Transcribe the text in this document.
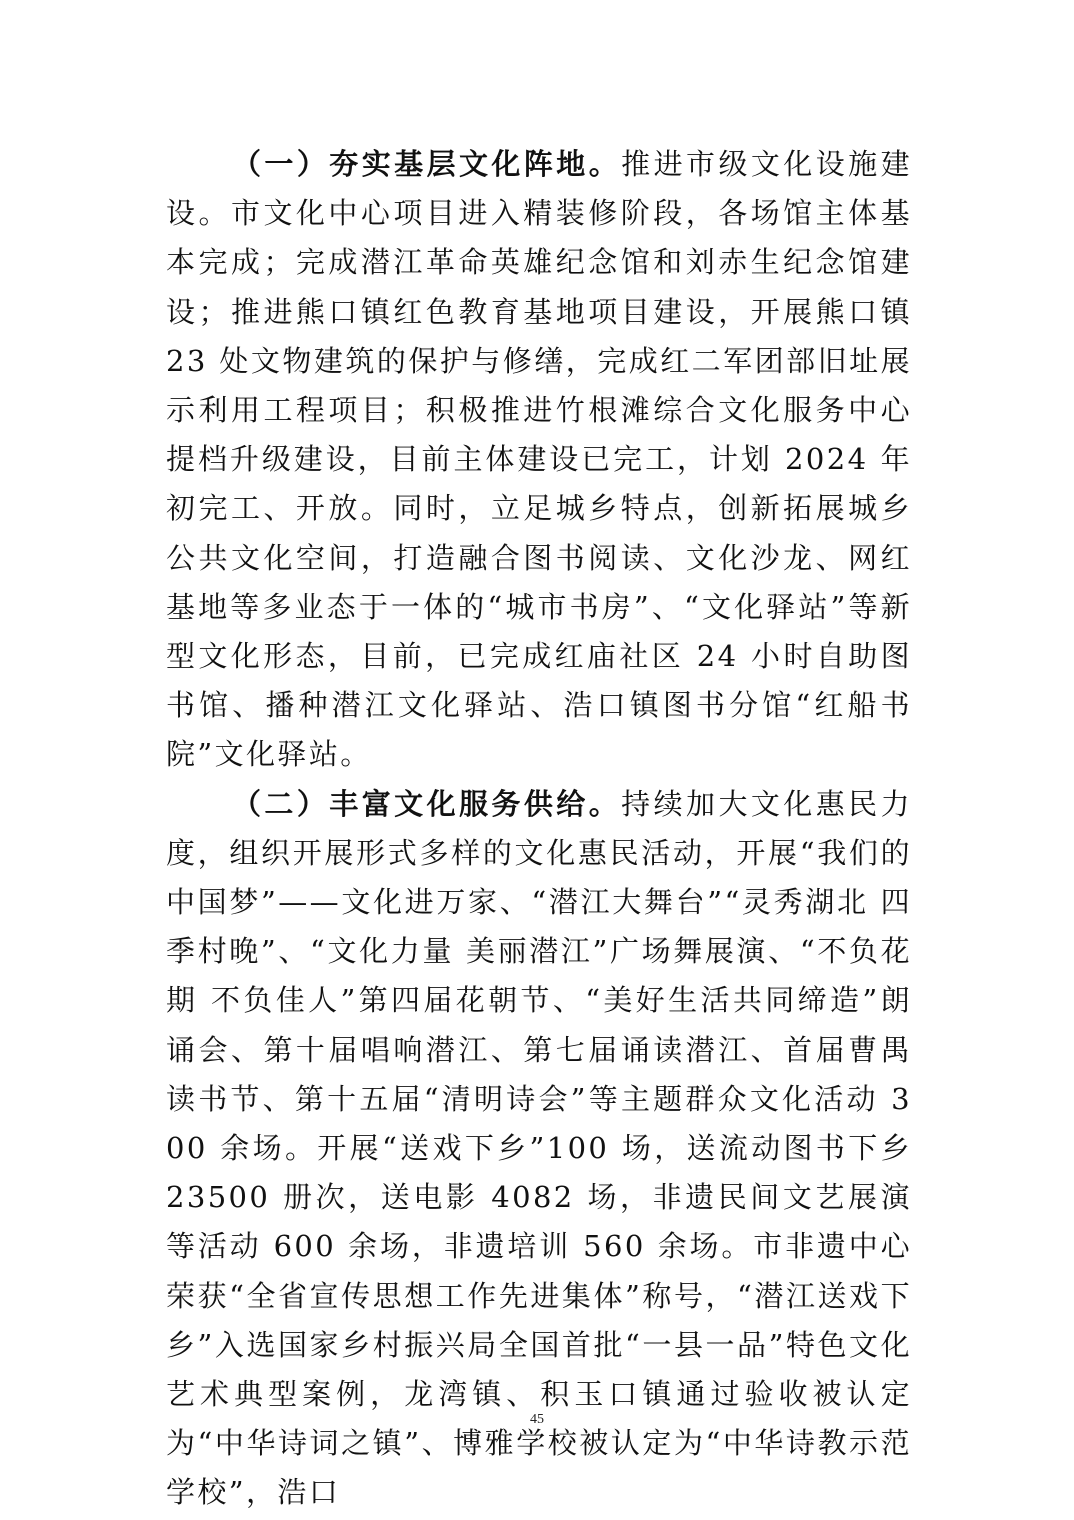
（一）夯实基层文化阵地。推进市级文化设施建设。市文化中心项目进入精装修阶段，各场馆主体基本完成；完成潜江革命英雄纪念馆和刘赤生纪念馆建设；推进熊口镇红色教育基地项目建设，开展熊口镇 23 处文物建筑的保护与修缮，完成红二军团部旧址展示利用工程项目；积极推进竹根滩综合文化服务中心提档升级建设，目前主体建设已完工，计划 2024 年初完工、开放。同时，立足城乡特点，创新拓展城乡公共文化空间，打造融合图书阅读、文化沙龙、网红基地等多业态于一体的“城市书房”、“文化驿站”等新型文化形态，目前，已完成红庙社区 24 小时自助图书馆、播种潜江文化驿站、浩口镇图书分馆“红船书院”文化驿站。

（二）丰富文化服务供给。持续加大文化惠民力度，组织开展形式多样的文化惠民活动，开展“我们的中国梦”——文化进万家、“潜江大舞台”“灵秀湖北 四季村晚”、“文化力量 美丽潜江”广场舞展演、“不负花期 不负佳人”第四届花朝节、“美好生活共同缔造”朗诵会、第十届唱响潜江、第七届诵读潜江、首届曹禺读书节、第十五届“清明诗会”等主题群众文化活动 300 余场。开展“送戏下乡”100 场，送流动图书下乡 23500 册次，送电影 4082 场，非遗民间文艺展演等活动 600 余场，非遗培训 560 余场。市非遗中心荣获“全省宣传思想工作先进集体”称号，“潜江送戏下乡”入选国家乡村振兴局全国首批“一县一品”特色文化艺术典型案例，龙湾镇、积玉口镇通过验收被认定为“中华诗词之镇”、博雅学校被认定为“中华诗教示范学校”，浩口

45
